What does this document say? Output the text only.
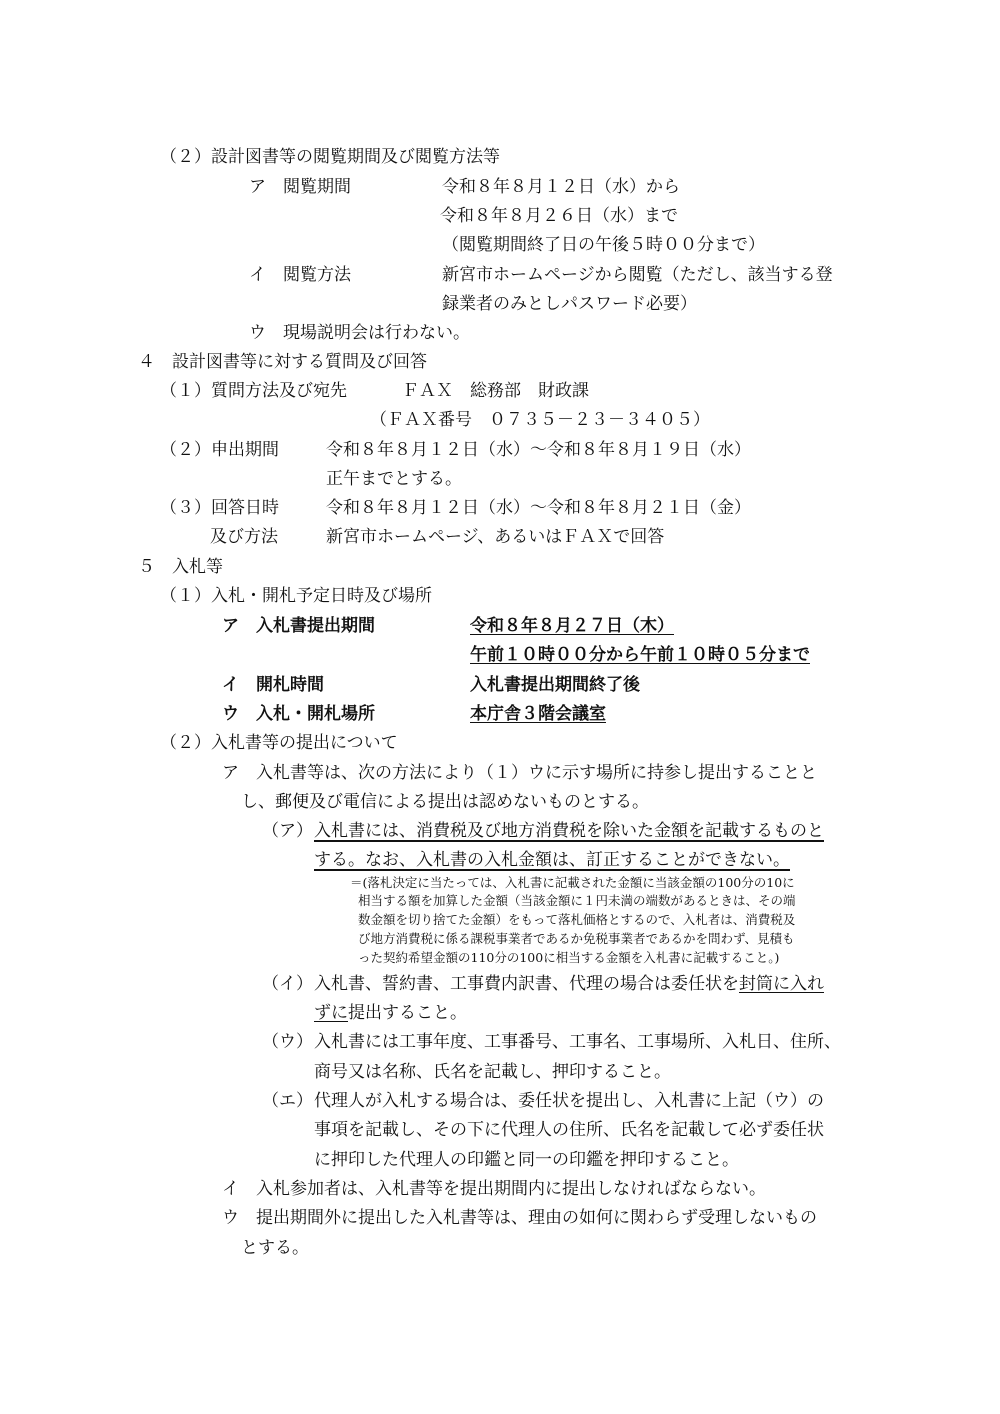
（２）設計図書等の閲覧期間及び閲覧方法等
ア　閲覧期間	令和８年８月１２日（水）から
令和８年８月２６日（水）まで
（閲覧期間終了日の午後５時００分まで）
イ　閲覧方法	新宮市ホームページから閲覧（ただし、該当する登
録業者のみとしパスワード必要）
ウ　現場説明会は行わない。
４　設計図書等に対する質問及び回答
（１）質問方法及び宛先	ＦＡＸ　総務部　財政課
（ＦＡＸ番号　０７３５－２３－３４０５）
（２）申出期間	令和８年８月１２日（水）～令和８年８月１９日（水）
正午までとする。
（３）回答日時	令和８年８月１２日（水）～令和８年８月２１日（金）
及び方法	新宮市ホームページ、あるいはＦＡＸで回答
５　入札等
（１）入札・開札予定日時及び場所
ア　入札書提出期間	令和８年８月２７日（木）
午前１０時００分から午前１０時０５分まで
イ　開札時間	入札書提出期間終了後
ウ　入札・開札場所	本庁舎３階会議室
（２）入札書等の提出について
ア　入札書等は、次の方法により（１）ウに示す場所に持参し提出することと
し、郵便及び電信による提出は認めないものとする。
（ア） 入札書には、消費税及び地方消費税を除いた金額を記載するものと
する。なお、入札書の入札金額は、訂正することができない。
＝(落札決定に当たっては、入札書に記載された金額に当該金額の100分の10に
相当する額を加算した金額（当該金額に１円未満の端数があるときは、その端
数金額を切り捨てた金額）をもって落札価格とするので、入札者は、消費税及
び地方消費税に係る課税事業者であるか免税事業者であるかを問わず、見積も
った契約希望金額の110分の100に相当する金額を入札書に記載すること。)
（イ） 入札書、誓約書、工事費内訳書、代理の場合は委任状を封筒に入れ
ずに提出すること。
（ウ） 入札書には工事年度、工事番号、工事名、工事場所、入札日、住所、
商号又は名称、氏名を記載し、押印すること。
（エ） 代理人が入札する場合は、委任状を提出し、入札書に上記（ウ）の
事項を記載し、その下に代理人の住所、氏名を記載して必ず委任状
に押印した代理人の印鑑と同一の印鑑を押印すること。
イ　入札参加者は、入札書等を提出期間内に提出しなければならない。
ウ　提出期間外に提出した入札書等は、理由の如何に関わらず受理しないもの
とする。
